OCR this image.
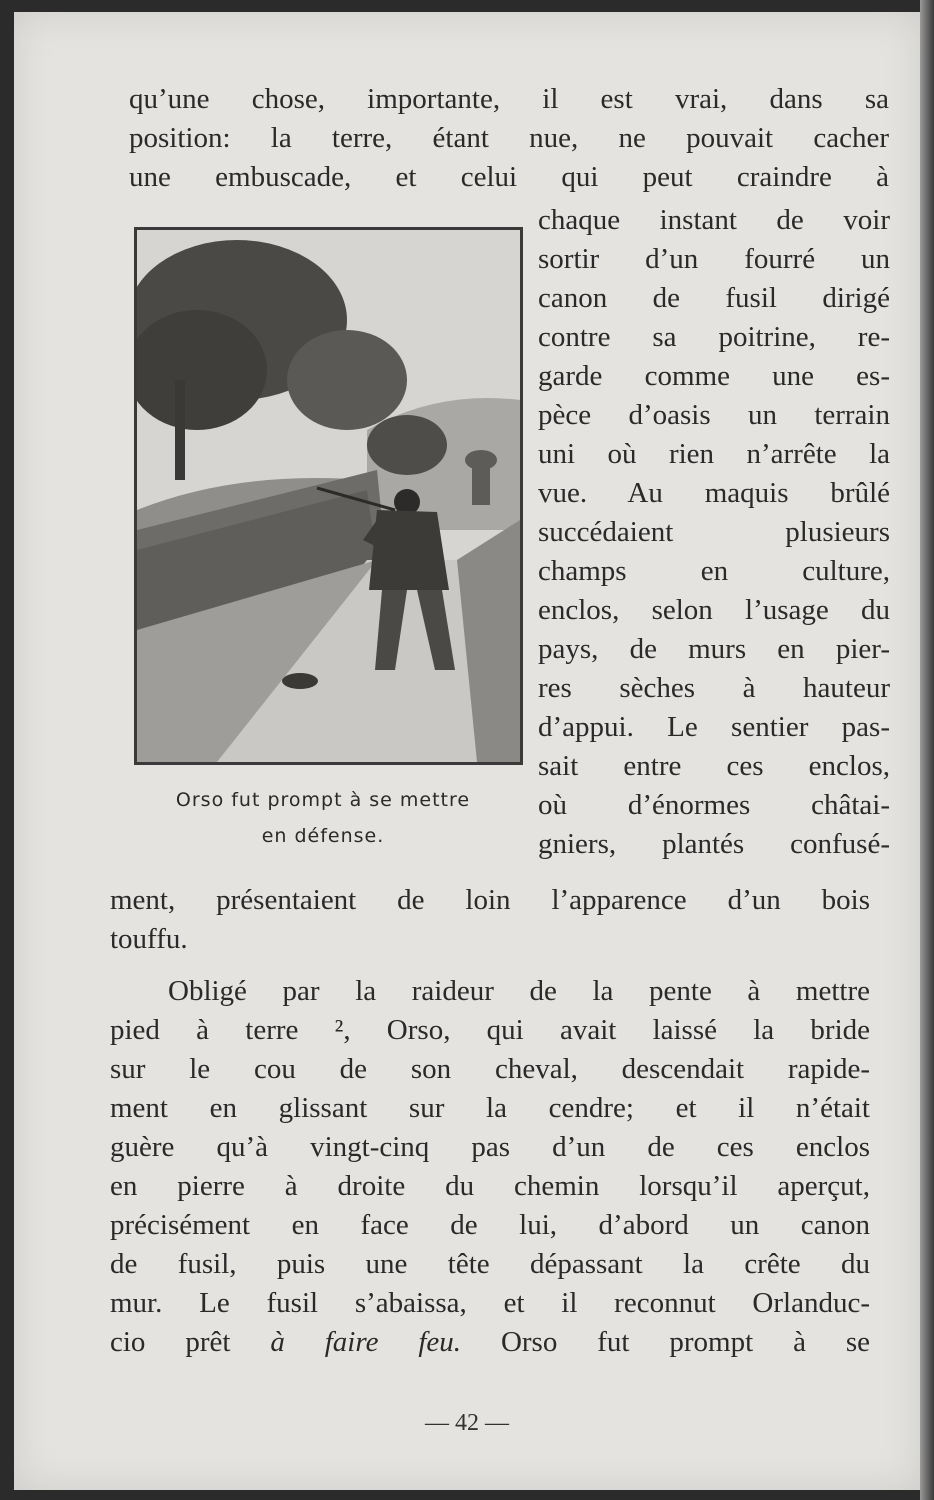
qu’une chose, importante, il est vrai, dans sa
position: la terre, étant nue, ne pouvait cacher
une embuscade, et celui qui peut craindre à
chaque instant de voir
sortir d’un fourré un
canon de fusil dirigé
contre sa poitrine, re-
garde comme une es-
pèce d’oasis un terrain
uni où rien n’arrête la
vue. Au maquis brûlé
succédaient plusieurs
champs en culture,
enclos, selon l’usage du
pays, de murs en pier-
res sèches à hauteur
d’appui. Le sentier pas-
sait entre ces enclos,
où d’énormes châtai-
gniers, plantés confusé-
Orso fut prompt à se mettre
en défense.
ment, présentaient de loin l’apparence d’un bois
touffu.
Obligé par la raideur de la pente à mettre
pied à terre ², Orso, qui avait laissé la bride
sur le cou de son cheval, descendait rapide-
ment en glissant sur la cendre; et il n’était
guère qu’à vingt-cinq pas d’un de ces enclos
en pierre à droite du chemin lorsqu’il aperçut,
précisément en face de lui, d’abord un canon
de fusil, puis une tête dépassant la crête du
mur. Le fusil s’abaissa, et il reconnut Orlanduc-
cio prêt à faire feu. Orso fut prompt à se
— 42 —
